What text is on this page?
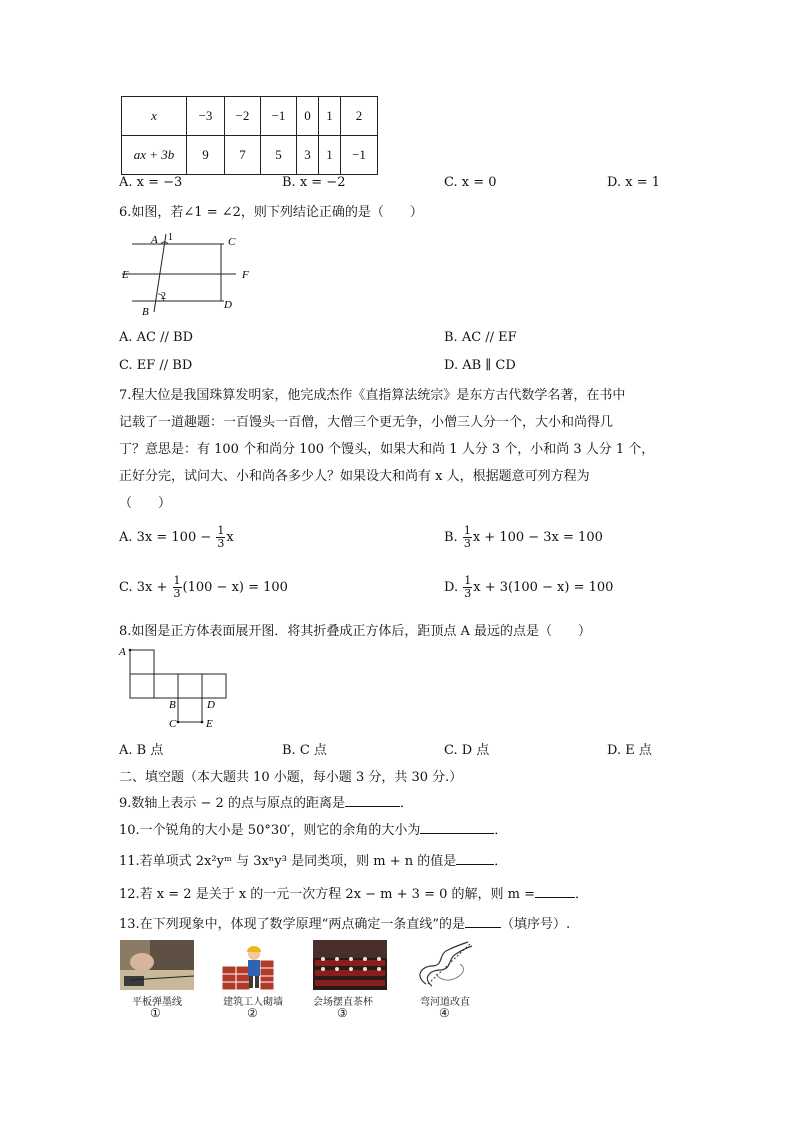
x	−3	−2	−1	0	1	2
ax + 3b	9	7	5	3	1	−1
A. x = −3	B. x = −2	C. x = 0	D. x = 1
6.如图，若∠1 = ∠2，则下列结论正确的是（　　）
A 1	C
E	F
2
D
B
A. AC // BD	B. AC // EF
C. EF // BD	D. AB ∥ CD
7.程大位是我国珠算发明家，他完成杰作《直指算法统宗》是东方古代数学名著，在书中
记载了一道趣题：一百馒头一百僧，大僧三个更无争，小僧三人分一个，大小和尚得几
丁？意思是：有 100 个和尚分 100 个馒头，如果大和尚 1 人分 3 个，小和尚 3 人分 1 个，
正好分完，试问大、小和尚各多少人？如果设大和尚有 x 人，根据题意可列方程为
（　　）
A. $3x = 100 - \frac{1}{3}$ x	B. $\frac{1}{3}$ x + 100 − 3x = 100
C. $3x + \frac{1}{3} (100 - x) = 100$	D. $\frac{1}{3}$ x + 3(100 − x) = 100
8.如图是正方体表面展开图．将其折叠成正方体后，距顶点 A 最远的点是（　　）
A
B	D
C	E
A. B 点	B. C 点	C. D 点	D. E 点
二、填空题（本大题共 10 小题，每小题 3 分，共 30 分.）
9.数轴上表示 − 2 的点与原点的距离是	．
10.一个锐角的大小是 50°30′，则它的余角的大小为	．
11.若单项式 2x²yᵐ 与 3xⁿy³ 是同类项，则 m + n 的值是	．
12.若 x = 2 是关于 x 的一元一次方程 2x − m + 3 = 0 的解，则 m =	．
13.在下列现象中，体现了数学原理“两点确定一条直线”的是	（填序号）.
平板弹墨线	建筑工人砌墙	会场摆直茶杯	弯河道改直
①	②	③	④
